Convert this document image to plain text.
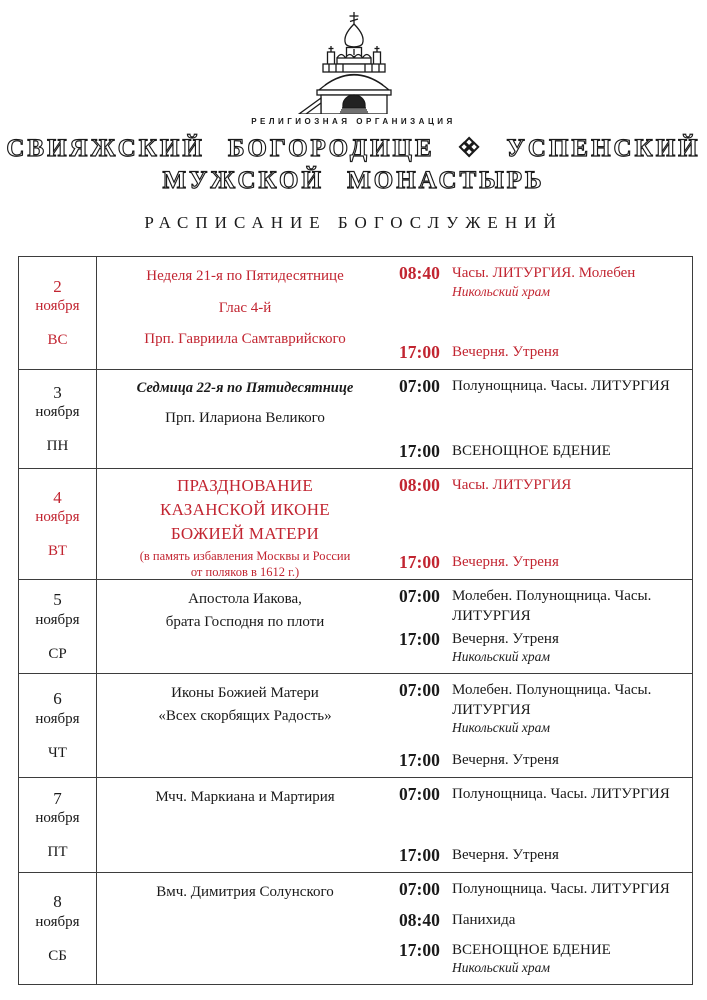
РЕЛИГИОЗНАЯ ОРГАНИЗАЦИЯ
СВИЯЖСКИЙ БОГОРОДИЦЕ ❖ УСПЕНСКИЙ
МУЖСКОЙ МОНАСТЫРЬ
РАСПИСАНИЕ БОГОСЛУЖЕНИЙ
2
ноября
ВС
Неделя 21-я по Пятидесятнице
Глас 4-й
Прп. Гавриила Самтаврийского
08:40 Часы. ЛИТУРГИЯ. Молебен
Никольский храм
17:00 Вечерня. Утреня
3
ноября
ПН
Седмица 22-я по Пятидесятнице
Прп. Илариона Великого
07:00 Полунощница. Часы. ЛИТУРГИЯ
17:00 ВСЕНОЩНОЕ БДЕНИЕ
4
ноября
ВТ
ПРАЗДНОВАНИЕ
КАЗАНСКОЙ ИКОНЕ
БОЖИЕЙ МАТЕРИ
(в память избавления Москвы и России
от поляков в 1612 г.)
08:00 Часы. ЛИТУРГИЯ
17:00 Вечерня. Утреня
5
ноября
СР
Апостола Иакова,
брата Господня по плоти
07:00 Молебен. Полунощница. Часы. ЛИТУРГИЯ
17:00 Вечерня. Утреня
Никольский храм
6
ноября
ЧТ
Иконы Божией Матери
«Всех скорбящих Радость»
07:00 Молебен. Полунощница. Часы. ЛИТУРГИЯ
Никольский храм
17:00 Вечерня. Утреня
7
ноября
ПТ
Мчч. Маркиана и Мартирия	07:00 Полунощница. Часы. ЛИТУРГИЯ
17:00 Вечерня. Утреня
8
ноября
СБ
Вмч. Димитрия Солунского	07:00 Полунощница. Часы. ЛИТУРГИЯ
08:40 Панихида
17:00 ВСЕНОЩНОЕ БДЕНИЕ
Никольский храм
